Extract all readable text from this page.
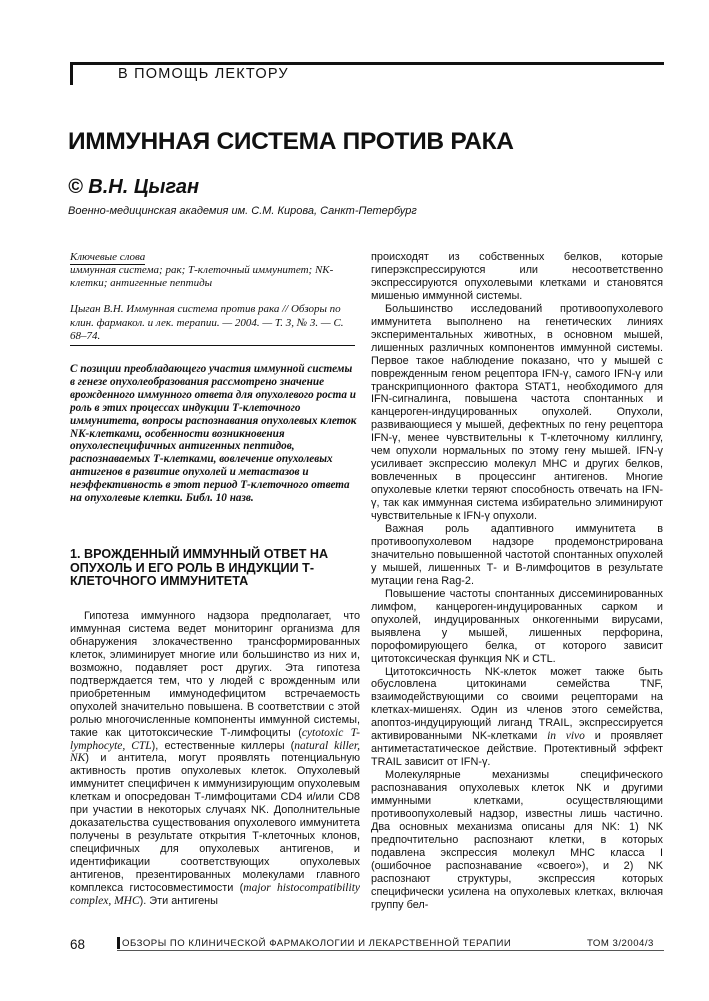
В ПОМОЩЬ ЛЕКТОРУ
ИММУННАЯ СИСТЕМА ПРОТИВ РАКА
© В.Н. Цыган
Военно-медицинская академия им. С.М. Кирова, Санкт-Петербург
Ключевые слова
иммунная система; рак; Т-клеточный иммунитет; NK-клетки; антигенные пептиды
Цыган В.Н. Иммунная система против рака // Обзоры по клин. фармакол. и лек. терапии. — 2004. — Т. 3, № 3. — С. 68–74.
С позиции преобладающего участия иммунной системы в генезе опухолеобразования рассмотрено значение врожденного иммунного ответа для опухолевого роста и роль в этих процессах индукции Т-клеточного иммунитета, вопросы распознавания опухолевых клеток NK-клетками, особенности возникновения опухолеспецифичных антигенных пептидов, распознаваемых Т-клетками, вовлечение опухолевых антигенов в развитие опухолей и метастазов и неэффективность в этот период Т-клеточного ответа на опухолевые клетки. Библ. 10 назв.
1. ВРОЖДЕННЫЙ ИММУННЫЙ ОТВЕТ НА ОПУХОЛЬ И ЕГО РОЛЬ В ИНДУКЦИИ Т-КЛЕТОЧНОГО ИММУНИТЕТА

Гипотеза иммунного надзора предполагает, что иммунная система ведет мониторинг организма для обнаружения злокачественно трансформированных клеток, элиминирует многие или большинство из них и, возможно, подавляет рост других. Эта гипотеза подтверждается тем, что у людей с врожденным или приобретенным иммунодефицитом встречаемость опухолей значительно повышена. В соответствии с этой ролью многочисленные компоненты иммунной системы, такие как цитотоксические Т-лимфоциты (cytotoxic T-lymphocyte, CTL), естественные киллеры (natural killer, NK) и антитела, могут проявлять потенциальную активность против опухолевых клеток. Опухолевый иммунитет специфичен к иммунизирующим опухолевым клеткам и опосредован Т-лимфоцитами CD4 и/или CD8 при участии в некоторых случаях NK. Дополнительные доказательства существования опухолевого иммунитета получены в результате открытия Т-клеточных клонов, специфичных для опухолевых антигенов, и идентификации соответствующих опухолевых антигенов, презентированных молекулами главного комплекса гистосовместимости (major histocompatibility complex, MHC). Эти антигены

происходят из собственных белков, которые гиперэкспрессируются или несоответственно экспрессируются опухолевыми клетками и становятся мишенью иммунной системы.

Большинство исследований противоопухолевого иммунитета выполнено на генетических линиях экспериментальных животных, в основном мышей, лишенных различных компонентов иммунной системы. Первое такое наблюдение показано, что у мышей с поврежденным геном рецептора IFN-γ, самого IFN-γ или транскрипционного фактора STAT1, необходимого для IFN-сигналинга, повышена частота спонтанных и канцероген-индуцированных опухолей. Опухоли, развивающиеся у мышей, дефектных по гену рецептора IFN-γ, менее чувствительны к Т-клеточному киллингу, чем опухоли нормальных по этому гену мышей. IFN-γ усиливает экспрессию молекул MHC и других белков, вовлеченных в процессинг антигенов. Многие опухолевые клетки теряют способность отвечать на IFN-γ, так как иммунная система избирательно элиминируют чувствительные к IFN-γ опухоли.

Важная роль адаптивного иммунитета в противоопухолевом надзоре продемонстрирована значительно повышенной частотой спонтанных опухолей у мышей, лишенных Т- и В-лимфоцитов в результате мутации гена Rag-2.

Повышение частоты спонтанных диссеминированных лимфом, канцероген-индуцированных сарком и опухолей, индуцированных онкогенными вирусами, выявлена у мышей, лишенных перфорина, порофомирующего белка, от которого зависит цитотоксическая функция NK и CTL.

Цитотоксичность NK-клеток может также быть обусловлена цитокинами семейства TNF, взаимодействующими со своими рецепторами на клетках-мишенях. Один из членов этого семейства, апоптоз-индуцирующий лиганд TRAIL, экспрессируется активированными NK-клетками in vivo и проявляет антиметастатическое действие. Протективный эффект TRAIL зависит от IFN-γ.

Молекулярные механизмы специфического распознавания опухолевых клеток NK и другими иммунными клетками, осуществляющими противоопухолевый надзор, известны лишь частично. Два основных механизма описаны для NK: 1) NK предпочтительно распознают клетки, в которых подавлена экспрессия молекул MHC класса I (ошибочное распознавание «своего»), и 2) NK распознают структуры, экспрессия которых специфически усилена на опухолевых клетках, включая группу бел-

68	ОБЗОРЫ ПО КЛИНИЧЕСКОЙ ФАРМАКОЛОГИИ И ЛЕКАРСТВЕННОЙ ТЕРАПИИ	ТОМ 3/2004/3
